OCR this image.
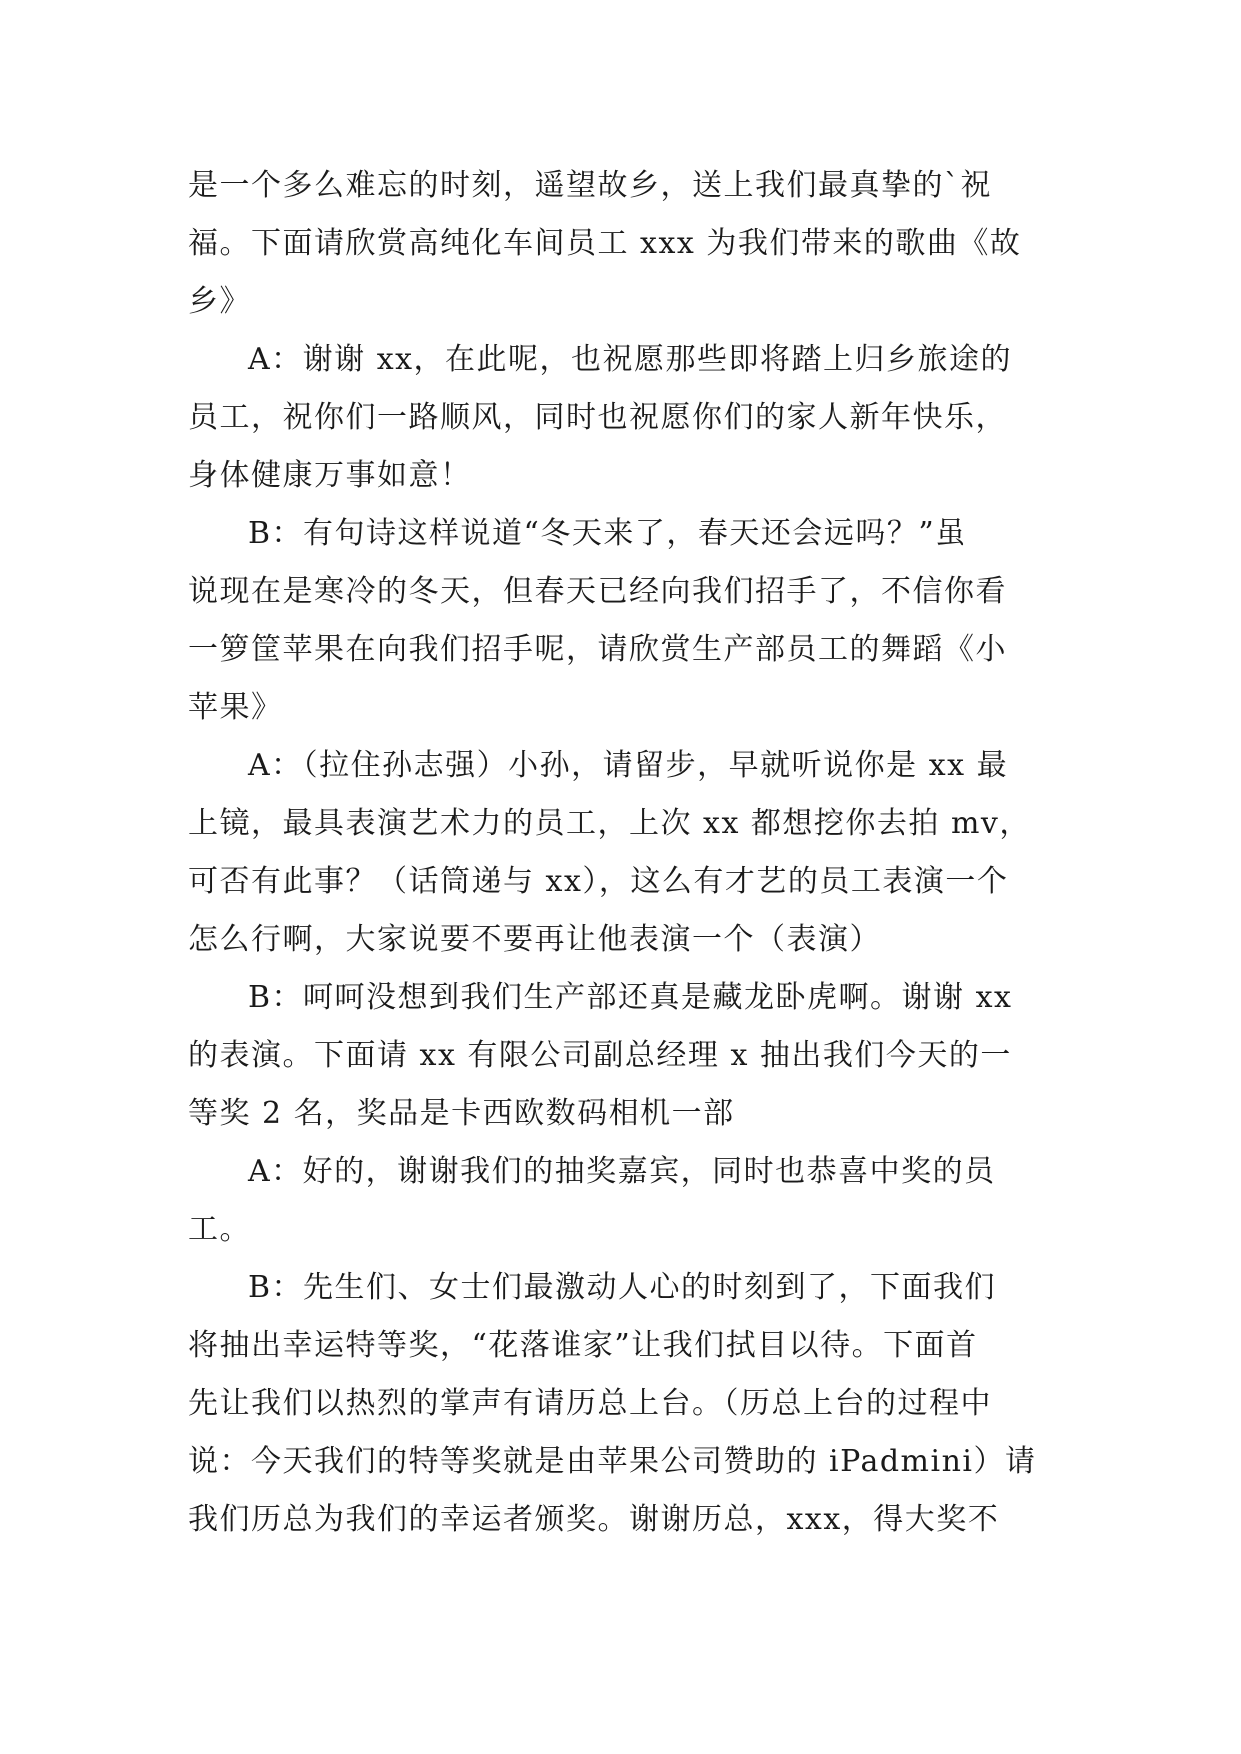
是一个多么难忘的时刻，遥望故乡，送上我们最真挚的`祝
福。下面请欣赏高纯化车间员工 xxx 为我们带来的歌曲《故
乡》
A：谢谢 xx，在此呢，也祝愿那些即将踏上归乡旅途的
员工，祝你们一路顺风，同时也祝愿你们的家人新年快乐，
身体健康万事如意！
B：有句诗这样说道“冬天来了，春天还会远吗？”虽
说现在是寒冷的冬天，但春天已经向我们招手了，不信你看
一箩筐苹果在向我们招手呢，请欣赏生产部员工的舞蹈《小
苹果》
A：（拉住孙志强）小孙，请留步，早就听说你是 xx 最
上镜，最具表演艺术力的员工，上次 xx 都想挖你去拍 mv，
可否有此事？（话筒递与 xx），这么有才艺的员工表演一个
怎么行啊，大家说要不要再让他表演一个（表演）
B：呵呵没想到我们生产部还真是藏龙卧虎啊。谢谢 xx
的表演。下面请 xx 有限公司副总经理 x 抽出我们今天的一
等奖 2 名，奖品是卡西欧数码相机一部
A：好的，谢谢我们的抽奖嘉宾，同时也恭喜中奖的员
工。
B：先生们、女士们最激动人心的时刻到了，下面我们
将抽出幸运特等奖，“花落谁家”让我们拭目以待。下面首
先让我们以热烈的掌声有请历总上台。（历总上台的过程中
说：今天我们的特等奖就是由苹果公司赞助的 iPadmini）请
我们历总为我们的幸运者颁奖。谢谢历总，xxx，得大奖不
